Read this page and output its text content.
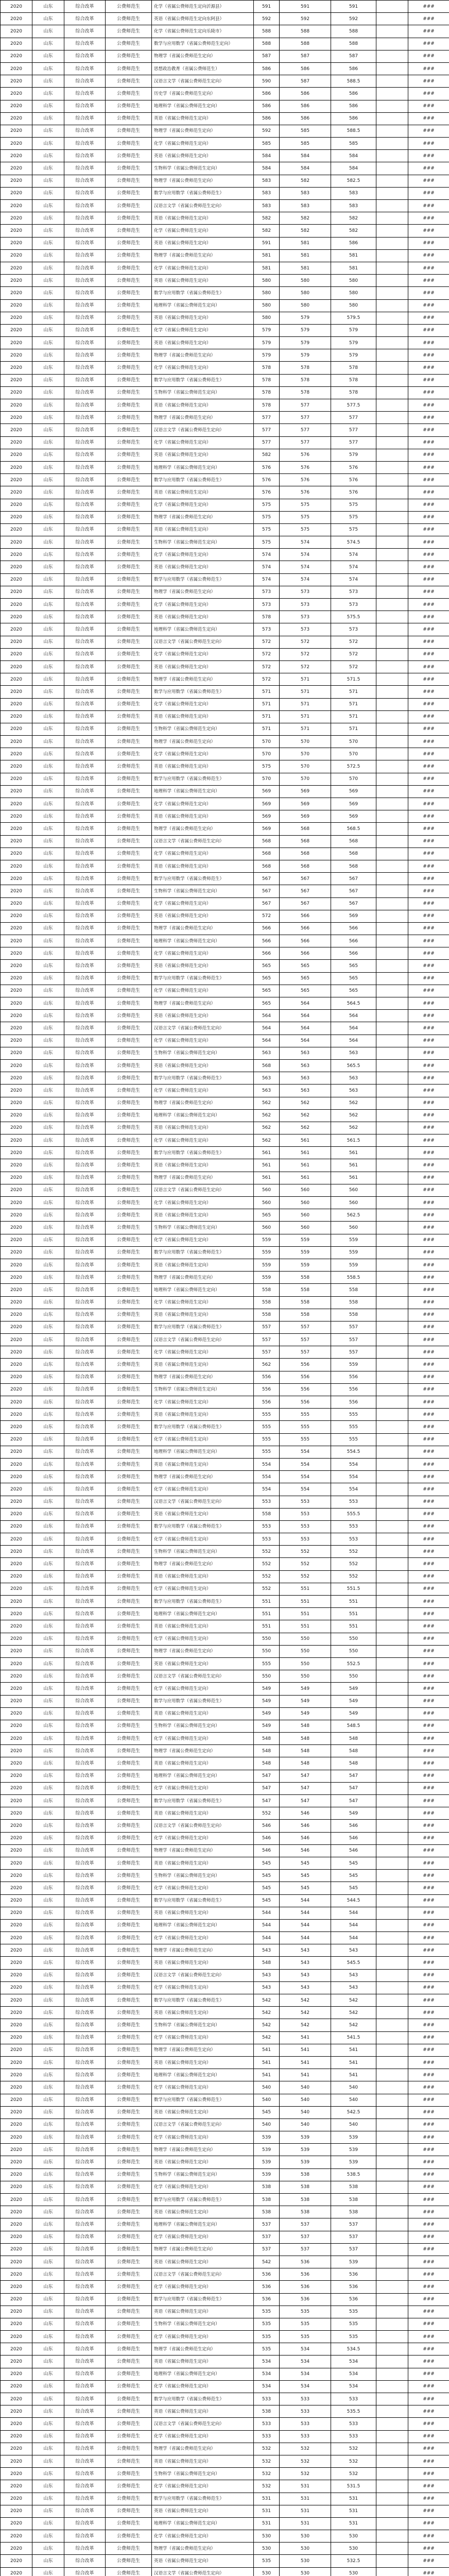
2020	山东	综合改革	公费师范生	化学（省属公费师范生定向沂源县）	591	591	591		###
2020	山东	综合改革	公费师范生	英语（省属公费师范生定向东阿县）	592	592	592		###
2020	山东	综合改革	公费师范生	化学（省属公费师范生定向乐陵市）	588	588	588		###
2020	山东	综合改革	公费师范生	数学与应用数学（省属公费师范生定向）	588	588	588		###
2020	山东	综合改革	公费师范生	物理学（省属公费师范生定向）	587	587	587		###
2020	山东	综合改革	公费师范生	思想政治教育（省属公费师范生）	586	586	586		###
2020	山东	综合改革	公费师范生	汉语言文学（省属公费师范生定向）	590	587	588.5		###
2020	山东	综合改革	公费师范生	历史学（省属公费师范生定向）	586	586	586		###
2020	山东	综合改革	公费师范生	地理科学（省属公费师范生定向）	586	586	586		###
2020	山东	综合改革	公费师范生	英语（省属公费师范生定向）	586	586	586		###
2020	山东	综合改革	公费师范生	物理学（省属公费师范生定向）	592	585	588.5		###
2020	山东	综合改革	公费师范生	化学（省属公费师范生定向）	585	585	585		###
2020	山东	综合改革	公费师范生	英语（省属公费师范生定向）	584	584	584		###
2020	山东	综合改革	公费师范生	生物科学（省属公费师范生定向）	584	584	584		###
2020	山东	综合改革	公费师范生	物理学（省属公费师范生定向）	583	582	582.5		###
2020	山东	综合改革	公费师范生	数学与应用数学（省属公费师范生）	583	583	583		###
2020	山东	综合改革	公费师范生	汉语言文学（省属公费师范生定向）	583	583	583		###
2020	山东	综合改革	公费师范生	英语（省属公费师范生定向）	582	582	582		###
2020	山东	综合改革	公费师范生	化学（省属公费师范生定向）	582	582	582		###
2020	山东	综合改革	公费师范生	英语（省属公费师范生定向）	591	581	586		###
2020	山东	综合改革	公费师范生	物理学（省属公费师范生定向）	581	581	581		###
2020	山东	综合改革	公费师范生	化学（省属公费师范生定向）	581	581	581		###
2020	山东	综合改革	公费师范生	英语（省属公费师范生定向）	580	580	580		###
2020	山东	综合改革	公费师范生	数学与应用数学（省属公费师范生）	580	580	580		###
2020	山东	综合改革	公费师范生	地理科学（省属公费师范生定向）	580	580	580		###
2020	山东	综合改革	公费师范生	英语（省属公费师范生定向）	580	579	579.5		###
2020	山东	综合改革	公费师范生	化学（省属公费师范生定向）	579	579	579		###
2020	山东	综合改革	公费师范生	英语（省属公费师范生定向）	579	579	579		###
2020	山东	综合改革	公费师范生	物理学（省属公费师范生定向）	579	579	579		###
2020	山东	综合改革	公费师范生	化学（省属公费师范生定向）	578	578	578		###
2020	山东	综合改革	公费师范生	数学与应用数学（省属公费师范生）	578	578	578		###
2020	山东	综合改革	公费师范生	生物科学（省属公费师范生定向）	578	578	578		###
2020	山东	综合改革	公费师范生	英语（省属公费师范生定向）	578	577	577.5		###
2020	山东	综合改革	公费师范生	物理学（省属公费师范生定向）	577	577	577		###
2020	山东	综合改革	公费师范生	汉语言文学（省属公费师范生定向）	577	577	577		###
2020	山东	综合改革	公费师范生	化学（省属公费师范生定向）	577	577	577		###
2020	山东	综合改革	公费师范生	英语（省属公费师范生定向）	582	576	579		###
2020	山东	综合改革	公费师范生	地理科学（省属公费师范生定向）	576	576	576		###
2020	山东	综合改革	公费师范生	数学与应用数学（省属公费师范生）	576	576	576		###
2020	山东	综合改革	公费师范生	英语（省属公费师范生定向）	576	576	576		###
2020	山东	综合改革	公费师范生	化学（省属公费师范生定向）	575	575	575		###
2020	山东	综合改革	公费师范生	物理学（省属公费师范生定向）	575	575	575		###
2020	山东	综合改革	公费师范生	英语（省属公费师范生定向）	575	575	575		###
2020	山东	综合改革	公费师范生	生物科学（省属公费师范生定向）	575	574	574.5		###
2020	山东	综合改革	公费师范生	化学（省属公费师范生定向）	574	574	574		###
2020	山东	综合改革	公费师范生	英语（省属公费师范生定向）	574	574	574		###
2020	山东	综合改革	公费师范生	数学与应用数学（省属公费师范生）	574	574	574		###
2020	山东	综合改革	公费师范生	物理学（省属公费师范生定向）	573	573	573		###
2020	山东	综合改革	公费师范生	化学（省属公费师范生定向）	573	573	573		###
2020	山东	综合改革	公费师范生	英语（省属公费师范生定向）	578	573	575.5		###
2020	山东	综合改革	公费师范生	地理科学（省属公费师范生定向）	573	573	573		###
2020	山东	综合改革	公费师范生	汉语言文学（省属公费师范生定向）	572	572	572		###
2020	山东	综合改革	公费师范生	化学（省属公费师范生定向）	572	572	572		###
2020	山东	综合改革	公费师范生	英语（省属公费师范生定向）	572	572	572		###
2020	山东	综合改革	公费师范生	物理学（省属公费师范生定向）	572	571	571.5		###
2020	山东	综合改革	公费师范生	数学与应用数学（省属公费师范生）	571	571	571		###
2020	山东	综合改革	公费师范生	化学（省属公费师范生定向）	571	571	571		###
2020	山东	综合改革	公费师范生	英语（省属公费师范生定向）	571	571	571		###
2020	山东	综合改革	公费师范生	生物科学（省属公费师范生定向）	571	571	571		###
2020	山东	综合改革	公费师范生	物理学（省属公费师范生定向）	570	570	570		###
2020	山东	综合改革	公费师范生	化学（省属公费师范生定向）	570	570	570		###
2020	山东	综合改革	公费师范生	英语（省属公费师范生定向）	575	570	572.5		###
2020	山东	综合改革	公费师范生	数学与应用数学（省属公费师范生）	570	570	570		###
2020	山东	综合改革	公费师范生	地理科学（省属公费师范生定向）	569	569	569		###
2020	山东	综合改革	公费师范生	化学（省属公费师范生定向）	569	569	569		###
2020	山东	综合改革	公费师范生	英语（省属公费师范生定向）	569	569	569		###
2020	山东	综合改革	公费师范生	物理学（省属公费师范生定向）	569	568	568.5		###
2020	山东	综合改革	公费师范生	汉语言文学（省属公费师范生定向）	568	568	568		###
2020	山东	综合改革	公费师范生	化学（省属公费师范生定向）	568	568	568		###
2020	山东	综合改革	公费师范生	英语（省属公费师范生定向）	568	568	568		###
2020	山东	综合改革	公费师范生	数学与应用数学（省属公费师范生）	567	567	567		###
2020	山东	综合改革	公费师范生	生物科学（省属公费师范生定向）	567	567	567		###
2020	山东	综合改革	公费师范生	化学（省属公费师范生定向）	567	567	567		###
2020	山东	综合改革	公费师范生	英语（省属公费师范生定向）	572	566	569		###
2020	山东	综合改革	公费师范生	物理学（省属公费师范生定向）	566	566	566		###
2020	山东	综合改革	公费师范生	地理科学（省属公费师范生定向）	566	566	566		###
2020	山东	综合改革	公费师范生	化学（省属公费师范生定向）	566	566	566		###
2020	山东	综合改革	公费师范生	英语（省属公费师范生定向）	565	565	565		###
2020	山东	综合改革	公费师范生	数学与应用数学（省属公费师范生）	565	565	565		###
2020	山东	综合改革	公费师范生	化学（省属公费师范生定向）	565	565	565		###
2020	山东	综合改革	公费师范生	物理学（省属公费师范生定向）	565	564	564.5		###
2020	山东	综合改革	公费师范生	英语（省属公费师范生定向）	564	564	564		###
2020	山东	综合改革	公费师范生	汉语言文学（省属公费师范生定向）	564	564	564		###
2020	山东	综合改革	公费师范生	化学（省属公费师范生定向）	564	564	564		###
2020	山东	综合改革	公费师范生	生物科学（省属公费师范生定向）	563	563	563		###
2020	山东	综合改革	公费师范生	英语（省属公费师范生定向）	568	563	565.5		###
2020	山东	综合改革	公费师范生	数学与应用数学（省属公费师范生）	563	563	563		###
2020	山东	综合改革	公费师范生	化学（省属公费师范生定向）	563	563	563		###
2020	山东	综合改革	公费师范生	物理学（省属公费师范生定向）	562	562	562		###
2020	山东	综合改革	公费师范生	地理科学（省属公费师范生定向）	562	562	562		###
2020	山东	综合改革	公费师范生	英语（省属公费师范生定向）	562	562	562		###
2020	山东	综合改革	公费师范生	化学（省属公费师范生定向）	562	561	561.5		###
2020	山东	综合改革	公费师范生	数学与应用数学（省属公费师范生）	561	561	561		###
2020	山东	综合改革	公费师范生	英语（省属公费师范生定向）	561	561	561		###
2020	山东	综合改革	公费师范生	物理学（省属公费师范生定向）	561	561	561		###
2020	山东	综合改革	公费师范生	汉语言文学（省属公费师范生定向）	560	560	560		###
2020	山东	综合改革	公费师范生	化学（省属公费师范生定向）	560	560	560		###
2020	山东	综合改革	公费师范生	英语（省属公费师范生定向）	565	560	562.5		###
2020	山东	综合改革	公费师范生	生物科学（省属公费师范生定向）	560	560	560		###
2020	山东	综合改革	公费师范生	化学（省属公费师范生定向）	559	559	559		###
2020	山东	综合改革	公费师范生	数学与应用数学（省属公费师范生）	559	559	559		###
2020	山东	综合改革	公费师范生	英语（省属公费师范生定向）	559	559	559		###
2020	山东	综合改革	公费师范生	物理学（省属公费师范生定向）	559	558	558.5		###
2020	山东	综合改革	公费师范生	地理科学（省属公费师范生定向）	558	558	558		###
2020	山东	综合改革	公费师范生	化学（省属公费师范生定向）	558	558	558		###
2020	山东	综合改革	公费师范生	英语（省属公费师范生定向）	558	558	558		###
2020	山东	综合改革	公费师范生	数学与应用数学（省属公费师范生）	557	557	557		###
2020	山东	综合改革	公费师范生	汉语言文学（省属公费师范生定向）	557	557	557		###
2020	山东	综合改革	公费师范生	化学（省属公费师范生定向）	557	557	557		###
2020	山东	综合改革	公费师范生	英语（省属公费师范生定向）	562	556	559		###
2020	山东	综合改革	公费师范生	物理学（省属公费师范生定向）	556	556	556		###
2020	山东	综合改革	公费师范生	生物科学（省属公费师范生定向）	556	556	556		###
2020	山东	综合改革	公费师范生	化学（省属公费师范生定向）	556	556	556		###
2020	山东	综合改革	公费师范生	英语（省属公费师范生定向）	555	555	555		###
2020	山东	综合改革	公费师范生	数学与应用数学（省属公费师范生）	555	555	555		###
2020	山东	综合改革	公费师范生	化学（省属公费师范生定向）	555	555	555		###
2020	山东	综合改革	公费师范生	地理科学（省属公费师范生定向）	555	554	554.5		###
2020	山东	综合改革	公费师范生	英语（省属公费师范生定向）	554	554	554		###
2020	山东	综合改革	公费师范生	物理学（省属公费师范生定向）	554	554	554		###
2020	山东	综合改革	公费师范生	化学（省属公费师范生定向）	554	554	554		###
2020	山东	综合改革	公费师范生	汉语言文学（省属公费师范生定向）	553	553	553		###
2020	山东	综合改革	公费师范生	英语（省属公费师范生定向）	558	553	555.5		###
2020	山东	综合改革	公费师范生	数学与应用数学（省属公费师范生）	553	553	553		###
2020	山东	综合改革	公费师范生	化学（省属公费师范生定向）	553	553	553		###
2020	山东	综合改革	公费师范生	生物科学（省属公费师范生定向）	552	552	552		###
2020	山东	综合改革	公费师范生	物理学（省属公费师范生定向）	552	552	552		###
2020	山东	综合改革	公费师范生	英语（省属公费师范生定向）	552	552	552		###
2020	山东	综合改革	公费师范生	化学（省属公费师范生定向）	552	551	551.5		###
2020	山东	综合改革	公费师范生	数学与应用数学（省属公费师范生）	551	551	551		###
2020	山东	综合改革	公费师范生	地理科学（省属公费师范生定向）	551	551	551		###
2020	山东	综合改革	公费师范生	英语（省属公费师范生定向）	551	551	551		###
2020	山东	综合改革	公费师范生	化学（省属公费师范生定向）	550	550	550		###
2020	山东	综合改革	公费师范生	物理学（省属公费师范生定向）	550	550	550		###
2020	山东	综合改革	公费师范生	英语（省属公费师范生定向）	555	550	552.5		###
2020	山东	综合改革	公费师范生	汉语言文学（省属公费师范生定向）	550	550	550		###
2020	山东	综合改革	公费师范生	化学（省属公费师范生定向）	549	549	549		###
2020	山东	综合改革	公费师范生	数学与应用数学（省属公费师范生）	549	549	549		###
2020	山东	综合改革	公费师范生	英语（省属公费师范生定向）	549	549	549		###
2020	山东	综合改革	公费师范生	生物科学（省属公费师范生定向）	549	548	548.5		###
2020	山东	综合改革	公费师范生	化学（省属公费师范生定向）	548	548	548		###
2020	山东	综合改革	公费师范生	物理学（省属公费师范生定向）	548	548	548		###
2020	山东	综合改革	公费师范生	英语（省属公费师范生定向）	548	548	548		###
2020	山东	综合改革	公费师范生	地理科学（省属公费师范生定向）	547	547	547		###
2020	山东	综合改革	公费师范生	化学（省属公费师范生定向）	547	547	547		###
2020	山东	综合改革	公费师范生	数学与应用数学（省属公费师范生）	547	547	547		###
2020	山东	综合改革	公费师范生	英语（省属公费师范生定向）	552	546	549		###
2020	山东	综合改革	公费师范生	汉语言文学（省属公费师范生定向）	546	546	546		###
2020	山东	综合改革	公费师范生	化学（省属公费师范生定向）	546	546	546		###
2020	山东	综合改革	公费师范生	物理学（省属公费师范生定向）	546	546	546		###
2020	山东	综合改革	公费师范生	英语（省属公费师范生定向）	545	545	545		###
2020	山东	综合改革	公费师范生	生物科学（省属公费师范生定向）	545	545	545		###
2020	山东	综合改革	公费师范生	化学（省属公费师范生定向）	545	545	545		###
2020	山东	综合改革	公费师范生	数学与应用数学（省属公费师范生）	545	544	544.5		###
2020	山东	综合改革	公费师范生	英语（省属公费师范生定向）	544	544	544		###
2020	山东	综合改革	公费师范生	地理科学（省属公费师范生定向）	544	544	544		###
2020	山东	综合改革	公费师范生	化学（省属公费师范生定向）	544	544	544		###
2020	山东	综合改革	公费师范生	物理学（省属公费师范生定向）	543	543	543		###
2020	山东	综合改革	公费师范生	英语（省属公费师范生定向）	548	543	545.5		###
2020	山东	综合改革	公费师范生	汉语言文学（省属公费师范生定向）	543	543	543		###
2020	山东	综合改革	公费师范生	化学（省属公费师范生定向）	543	543	543		###
2020	山东	综合改革	公费师范生	数学与应用数学（省属公费师范生）	542	542	542		###
2020	山东	综合改革	公费师范生	英语（省属公费师范生定向）	542	542	542		###
2020	山东	综合改革	公费师范生	生物科学（省属公费师范生定向）	542	542	542		###
2020	山东	综合改革	公费师范生	化学（省属公费师范生定向）	542	541	541.5		###
2020	山东	综合改革	公费师范生	物理学（省属公费师范生定向）	541	541	541		###
2020	山东	综合改革	公费师范生	英语（省属公费师范生定向）	541	541	541		###
2020	山东	综合改革	公费师范生	地理科学（省属公费师范生定向）	541	541	541		###
2020	山东	综合改革	公费师范生	化学（省属公费师范生定向）	540	540	540		###
2020	山东	综合改革	公费师范生	数学与应用数学（省属公费师范生）	540	540	540		###
2020	山东	综合改革	公费师范生	英语（省属公费师范生定向）	545	540	542.5		###
2020	山东	综合改革	公费师范生	汉语言文学（省属公费师范生定向）	540	540	540		###
2020	山东	综合改革	公费师范生	化学（省属公费师范生定向）	539	539	539		###
2020	山东	综合改革	公费师范生	物理学（省属公费师范生定向）	539	539	539		###
2020	山东	综合改革	公费师范生	英语（省属公费师范生定向）	539	539	539		###
2020	山东	综合改革	公费师范生	生物科学（省属公费师范生定向）	539	538	538.5		###
2020	山东	综合改革	公费师范生	化学（省属公费师范生定向）	538	538	538		###
2020	山东	综合改革	公费师范生	数学与应用数学（省属公费师范生）	538	538	538		###
2020	山东	综合改革	公费师范生	英语（省属公费师范生定向）	538	538	538		###
2020	山东	综合改革	公费师范生	地理科学（省属公费师范生定向）	537	537	537		###
2020	山东	综合改革	公费师范生	化学（省属公费师范生定向）	537	537	537		###
2020	山东	综合改革	公费师范生	物理学（省属公费师范生定向）	537	537	537		###
2020	山东	综合改革	公费师范生	英语（省属公费师范生定向）	542	536	539		###
2020	山东	综合改革	公费师范生	汉语言文学（省属公费师范生定向）	536	536	536		###
2020	山东	综合改革	公费师范生	化学（省属公费师范生定向）	536	536	536		###
2020	山东	综合改革	公费师范生	数学与应用数学（省属公费师范生）	536	536	536		###
2020	山东	综合改革	公费师范生	英语（省属公费师范生定向）	535	535	535		###
2020	山东	综合改革	公费师范生	生物科学（省属公费师范生定向）	535	535	535		###
2020	山东	综合改革	公费师范生	化学（省属公费师范生定向）	535	535	535		###
2020	山东	综合改革	公费师范生	物理学（省属公费师范生定向）	535	534	534.5		###
2020	山东	综合改革	公费师范生	英语（省属公费师范生定向）	534	534	534		###
2020	山东	综合改革	公费师范生	地理科学（省属公费师范生定向）	534	534	534		###
2020	山东	综合改革	公费师范生	化学（省属公费师范生定向）	534	534	534		###
2020	山东	综合改革	公费师范生	数学与应用数学（省属公费师范生）	533	533	533		###
2020	山东	综合改革	公费师范生	英语（省属公费师范生定向）	538	533	535.5		###
2020	山东	综合改革	公费师范生	汉语言文学（省属公费师范生定向）	533	533	533		###
2020	山东	综合改革	公费师范生	化学（省属公费师范生定向）	533	533	533		###
2020	山东	综合改革	公费师范生	物理学（省属公费师范生定向）	532	532	532		###
2020	山东	综合改革	公费师范生	英语（省属公费师范生定向）	532	532	532		###
2020	山东	综合改革	公费师范生	生物科学（省属公费师范生定向）	532	532	532		###
2020	山东	综合改革	公费师范生	化学（省属公费师范生定向）	532	531	531.5		###
2020	山东	综合改革	公费师范生	数学与应用数学（省属公费师范生）	531	531	531		###
2020	山东	综合改革	公费师范生	英语（省属公费师范生定向）	531	531	531		###
2020	山东	综合改革	公费师范生	地理科学（省属公费师范生定向）	531	531	531		###
2020	山东	综合改革	公费师范生	化学（省属公费师范生定向）	530	530	530		###
2020	山东	综合改革	公费师范生	物理学（省属公费师范生定向）	530	530	530		###
2020	山东	综合改革	公费师范生	英语（省属公费师范生定向）	535	530	532.5		###
2020	山东	综合改革	公费师范生	汉语言文学（省属公费师范生定向）	530	530	530		###
